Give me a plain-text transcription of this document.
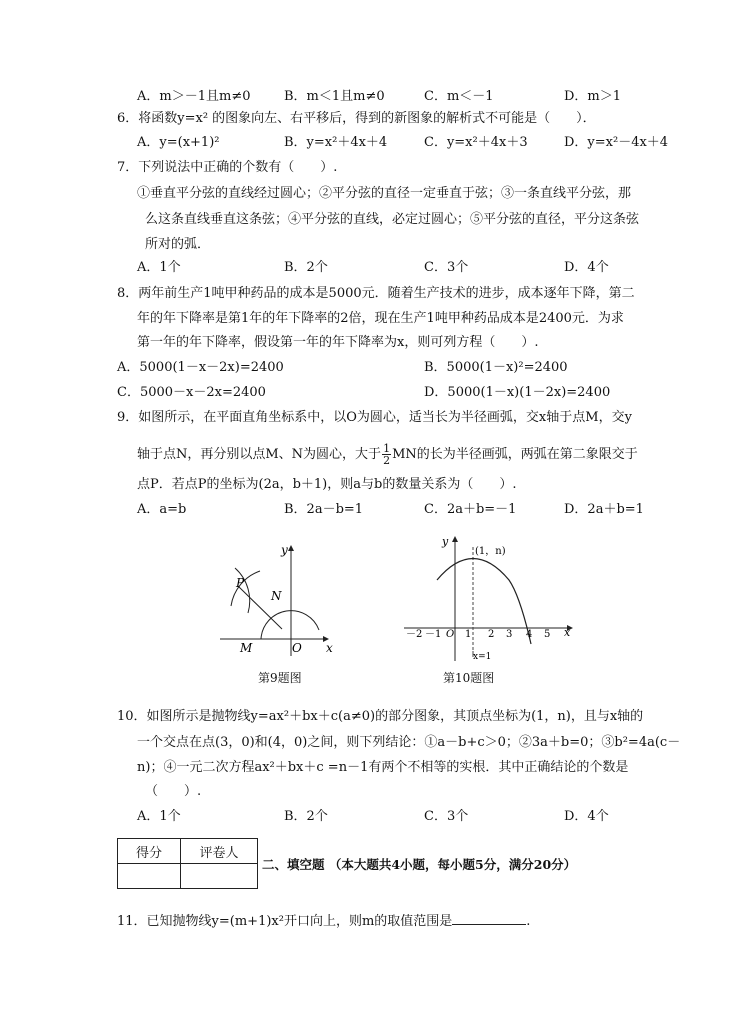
A．m＞－1且m≠0	B．m＜1且m≠0	C．m＜－1	D．m＞1
6．将函数y=x² 的图象向左、右平移后，得到的新图象的解析式不可能是（　　）．
A．y=(x+1)²	B．y=x²＋4x＋4	C．y=x²＋4x＋3	D．y=x²－4x＋4
7．下列说法中正确的个数有（　　）.
①垂直平分弦的直线经过圆心；②平分弦的直径一定垂直于弦；③一条直线平分弦，那
么这条直线垂直这条弦；④平分弦的直线，必定过圆心；⑤平分弦的直径，平分这条弦
所对的弧．
A．1个	B．2个	C．3个	D．4个
8．两年前生产1吨甲种药品的成本是5000元．随着生产技术的进步，成本逐年下降，第二
年的年下降率是第1年的年下降率的2倍，现在生产1吨甲种药品成本是2400元．为求
第一年的年下降率，假设第一年的年下降率为x，则可列方程（　　）.
A．5000(1－x－2x)=2400	B．5000(1－x)²=2400
C．5000－x－2x=2400	D．5000(1－x)(1－2x)=2400
9．如图所示，在平面直角坐标系中，以O为圆心，适当长为半径画弧，交x轴于点M，交y
轴于点N，再分别以点M、N为圆心，大于 $\frac{1}{2}$ MN的长为半径画弧，两弧在第二象限交于
点P．若点P的坐标为(2a，b＋1)，则a与b的数量关系为（　　）.
A．a=b	B．2a－b=1	C．2a＋b=－1	D．2a＋b=1
y
x
P
N
M	O
第9题图
y
x
(1，n)
O
－2 －1 1 2 3 4 5
x=1
第10题图
10．如图所示是抛物线y=ax²＋bx＋c(a≠0)的部分图象，其顶点坐标为(1，n)，且与x轴的
一个交点在点(3，0)和(4，0)之间，则下列结论：①a－b+c＞0；②3a＋b=0；③b²=4a(c－
n)；④一元二次方程ax²＋bx＋c =n－1有两个不相等的实根．其中正确结论的个数是
（　　）.
A．1个	B．2个	C．3个	D．4个
得分	评卷人

二、填空题 （本大题共4小题，每小题5分，满分20分）
11．已知抛物线y=(m+1)x²开口向上，则m的取值范围是	.
